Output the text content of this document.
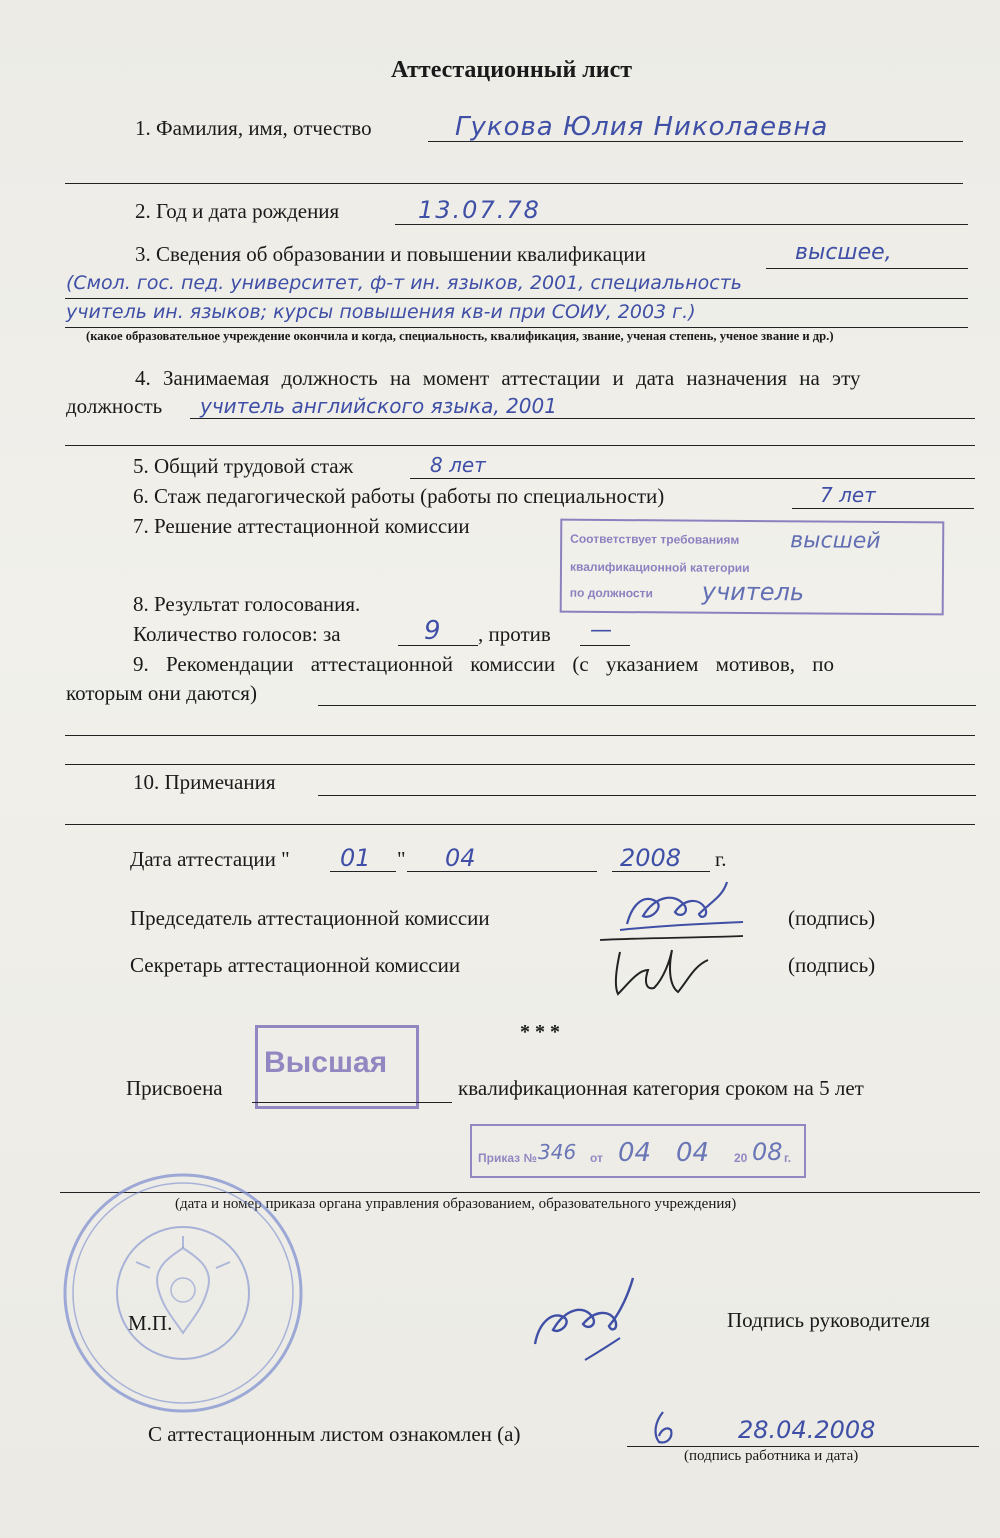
Аттестационный лист
1. Фамилия, имя, отчество	Гукова Юлия Николаевна
2. Год и дата рождения	13.07.78
3. Сведения об образовании и повышении квалификации	высшее,
(Смол. гос. пед. университет, ф-т ин. языков, 2001, специальность
учитель ин. языков; курсы повышения кв-и при СОИУ, 2003 г.)
(какое образовательное учреждение окончила и когда, специальность, квалификация, звание, ученая степень, ученое звание и др.)
4. Занимаемая должность на момент аттестации и дата назначения на эту
должность учитель английского языка, 2001
5. Общий трудовой стаж	8 лет
6. Стаж педагогической работы (работы по специальности)	7 лет
7. Решение аттестационной комиссии
Соответствует требованиям высшей
квалификационной категории
по должности учитель
8. Результат голосования.
Количество голосов: за	9 , против —
9. Рекомендации аттестационной комиссии (с указанием мотивов, по
которым они даются)
10. Примечания
Дата аттестации " 01 " 04	2008 г.
Председатель аттестационной комиссии	(подпись)
Секретарь аттестационной комиссии	(подпись)
* * *
Высшая
Присвоена	квалификационная категория сроком на 5 лет
Приказ № 346 от 04 04 20 08 г.
(дата и номер приказа органа управления образованием, образовательного учреждения)
М.П.	Подпись руководителя
С аттестационным листом ознакомлен (а)	28.04.2008
(подпись работника и дата)
